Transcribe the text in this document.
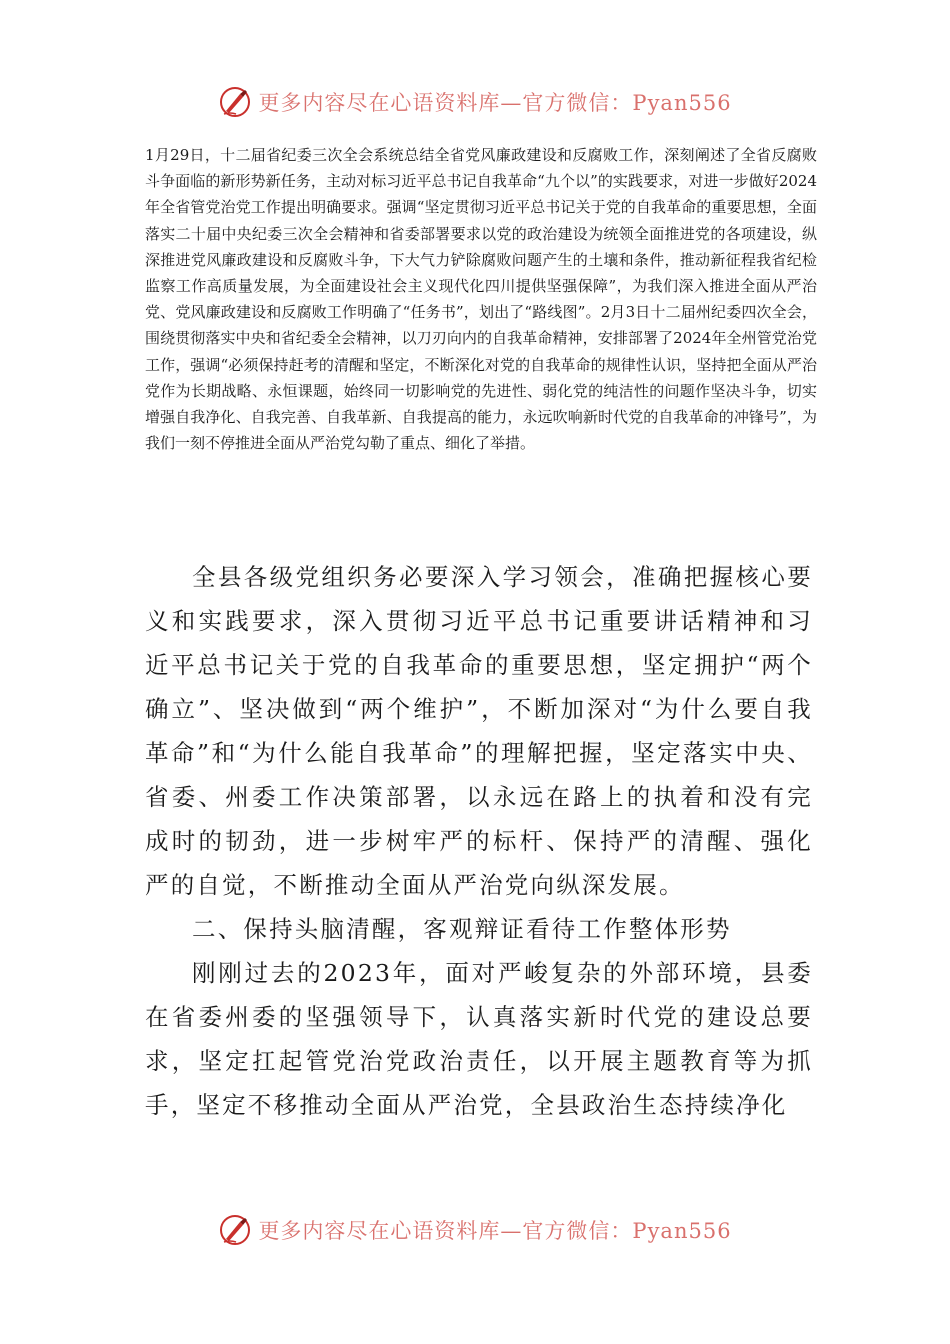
更多内容尽在心语资料库—官方微信：Pyan556
1月29日，十二届省纪委三次全会系统总结全省党风廉政建设和反腐败工作，深刻阐述了全省反腐败斗争面临的新形势新任务，主动对标习近平总书记自我革命“九个以”的实践要求，对进一步做好2024年全省管党治党工作提出明确要求。强调“坚定贯彻习近平总书记关于党的自我革命的重要思想，全面落实二十届中央纪委三次全会精神和省委部署要求以党的政治建设为统领全面推进党的各项建设，纵深推进党风廉政建设和反腐败斗争，下大气力铲除腐败问题产生的土壤和条件，推动新征程我省纪检监察工作高质量发展，为全面建设社会主义现代化四川提供坚强保障”，为我们深入推进全面从严治党、党风廉政建设和反腐败工作明确了“任务书”，划出了“路线图”。2月3日十二届州纪委四次全会，围绕贯彻落实中央和省纪委全会精神，以刀刃向内的自我革命精神，安排部署了2024年全州管党治党工作，强调“必须保持赶考的清醒和坚定，不断深化对党的自我革命的规律性认识，坚持把全面从严治党作为长期战略、永恒课题，始终同一切影响党的先进性、弱化党的纯洁性的问题作坚决斗争，切实增强自我净化、自我完善、自我革新、自我提高的能力，永远吹响新时代党的自我革命的冲锋号”，为我们一刻不停推进全面从严治党勾勒了重点、细化了举措。

全县各级党组织务必要深入学习领会，准确把握核心要义和实践要求，深入贯彻习近平总书记重要讲话精神和习近平总书记关于党的自我革命的重要思想，坚定拥护“两个确立”、坚决做到“两个维护”，不断加深对“为什么要自我革命”和“为什么能自我革命”的理解把握，坚定落实中央、省委、州委工作决策部署，以永远在路上的执着和没有完成时的韧劲，进一步树牢严的标杆、保持严的清醒、强化严的自觉，不断推动全面从严治党向纵深发展。

二、保持头脑清醒，客观辩证看待工作整体形势

刚刚过去的2023年，面对严峻复杂的外部环境，县委在省委州委的坚强领导下，认真落实新时代党的建设总要求，坚定扛起管党治党政治责任，以开展主题教育等为抓手，坚定不移推动全面从严治党，全县政治生态持续净化

更多内容尽在心语资料库—官方微信：Pyan556
